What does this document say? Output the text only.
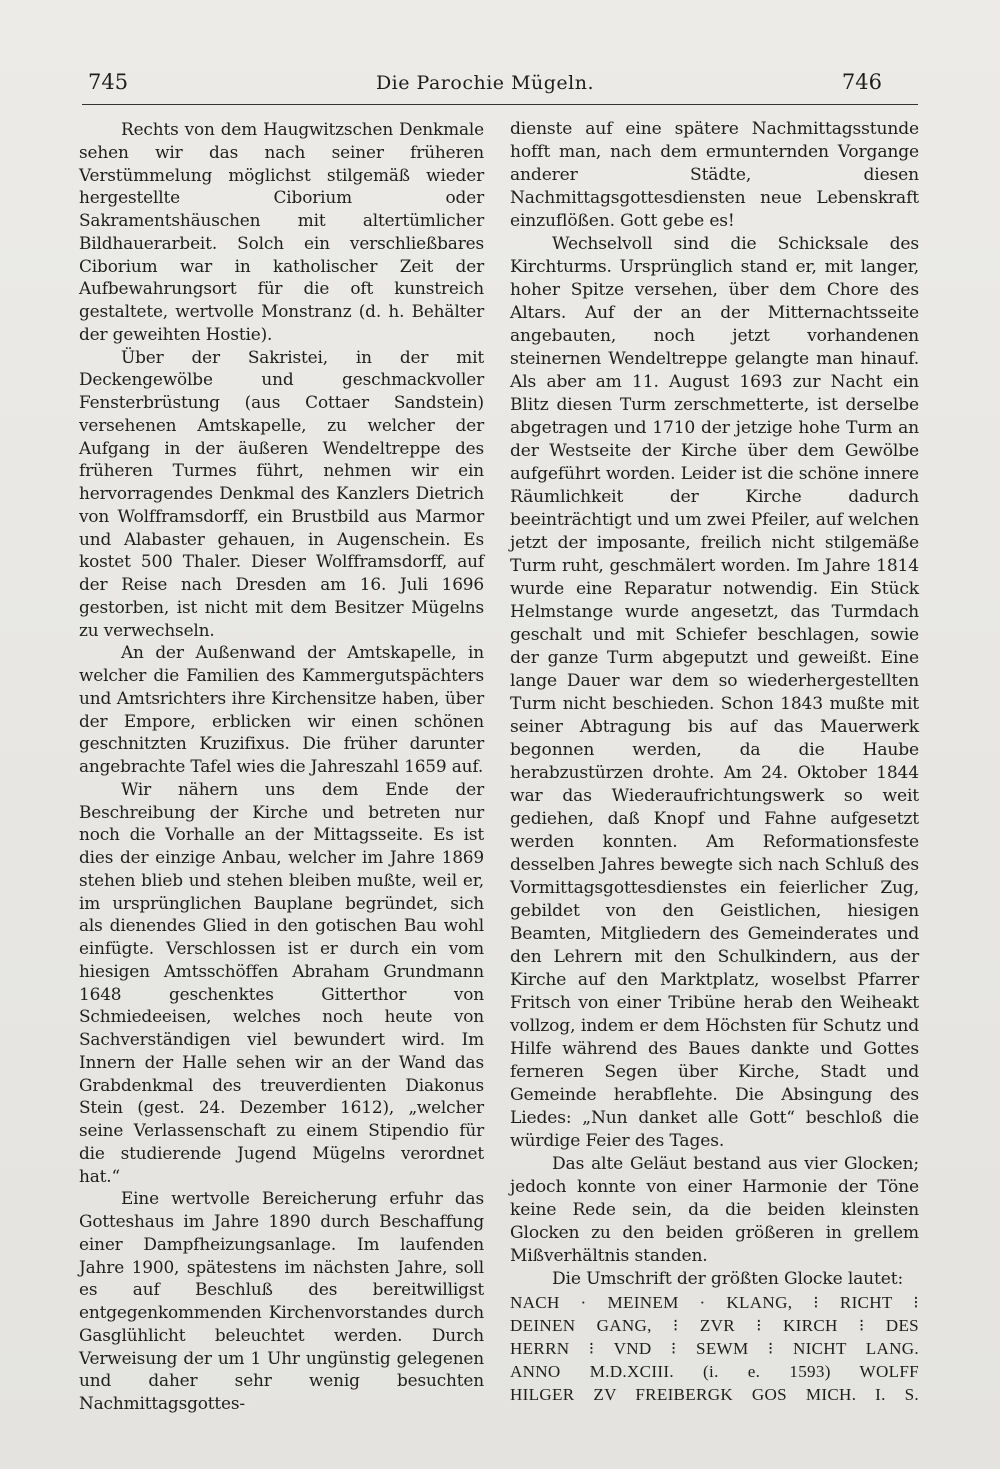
745	Die Parochie Mügeln.	746

Rechts von dem Haugwitzschen Denkmale sehen wir das nach seiner früheren Verstümmelung möglichst stilgemäß wieder hergestellte Ciborium oder Sakramentshäuschen mit altertümlicher Bildhauerarbeit. Solch ein verschließbares Ciborium war in katholischer Zeit der Aufbewahrungsort für die oft kunstreich gestaltete, wertvolle Monstranz (d. h. Behälter der geweihten Hostie).

Über der Sakristei, in der mit Deckengewölbe und geschmackvoller Fensterbrüstung (aus Cottaer Sandstein) versehenen Amtskapelle, zu welcher der Aufgang in der äußeren Wendeltreppe des früheren Turmes führt, nehmen wir ein hervorragendes Denkmal des Kanzlers Dietrich von Wolfframsdorff, ein Brustbild aus Marmor und Alabaster gehauen, in Augenschein. Es kostet 500 Thaler. Dieser Wolfframsdorff, auf der Reise nach Dresden am 16. Juli 1696 gestorben, ist nicht mit dem Besitzer Mügelns zu verwechseln.

An der Außenwand der Amtskapelle, in welcher die Familien des Kammergutspächters und Amtsrichters ihre Kirchensitze haben, über der Empore, erblicken wir einen schönen geschnitzten Kruzifixus. Die früher darunter angebrachte Tafel wies die Jahreszahl 1659 auf.

Wir nähern uns dem Ende der Beschreibung der Kirche und betreten nur noch die Vorhalle an der Mittagsseite. Es ist dies der einzige Anbau, welcher im Jahre 1869 stehen blieb und stehen bleiben mußte, weil er, im ursprünglichen Bauplane begründet, sich als dienendes Glied in den gotischen Bau wohl einfügte. Verschlossen ist er durch ein vom hiesigen Amtsschöffen Abraham Grundmann 1648 geschenktes Gitterthor von Schmiedeeisen, welches noch heute von Sachverständigen viel bewundert wird. Im Innern der Halle sehen wir an der Wand das Grabdenkmal des treuverdienten Diakonus Stein (gest. 24. Dezember 1612), „welcher seine Verlassenschaft zu einem Stipendio für die studierende Jugend Mügelns verordnet hat.“

Eine wertvolle Bereicherung erfuhr das Gotteshaus im Jahre 1890 durch Beschaffung einer Dampfheizungsanlage. Im laufenden Jahre 1900, spätestens im nächsten Jahre, soll es auf Beschluß des bereitwilligst entgegenkommenden Kirchenvorstandes durch Gasglühlicht beleuchtet werden. Durch Verweisung der um 1 Uhr ungünstig gelegenen und daher sehr wenig besuchten Nachmittagsgottes-

dienste auf eine spätere Nachmittagsstunde hofft man, nach dem ermunternden Vorgange anderer Städte, diesen Nachmittagsgottesdiensten neue Lebenskraft einzuflößen. Gott gebe es!

Wechselvoll sind die Schicksale des Kirchturms. Ursprünglich stand er, mit langer, hoher Spitze versehen, über dem Chore des Altars. Auf der an der Mitternachtsseite angebauten, noch jetzt vorhandenen steinernen Wendeltreppe gelangte man hinauf. Als aber am 11. August 1693 zur Nacht ein Blitz diesen Turm zerschmetterte, ist derselbe abgetragen und 1710 der jetzige hohe Turm an der Westseite der Kirche über dem Gewölbe aufgeführt worden. Leider ist die schöne innere Räumlichkeit der Kirche dadurch beeinträchtigt und um zwei Pfeiler, auf welchen jetzt der imposante, freilich nicht stilgemäße Turm ruht, geschmälert worden. Im Jahre 1814 wurde eine Reparatur notwendig. Ein Stück Helmstange wurde angesetzt, das Turmdach geschalt und mit Schiefer beschlagen, sowie der ganze Turm abgeputzt und geweißt. Eine lange Dauer war dem so wiederhergestellten Turm nicht beschieden. Schon 1843 mußte mit seiner Abtragung bis auf das Mauerwerk begonnen werden, da die Haube herabzustürzen drohte. Am 24. Oktober 1844 war das Wiederaufrichtungswerk so weit gediehen, daß Knopf und Fahne aufgesetzt werden konnten. Am Reformationsfeste desselben Jahres bewegte sich nach Schluß des Vormittagsgottesdienstes ein feierlicher Zug, gebildet von den Geistlichen, hiesigen Beamten, Mitgliedern des Gemeinderates und den Lehrern mit den Schulkindern, aus der Kirche auf den Marktplatz, woselbst Pfarrer Fritsch von einer Tribüne herab den Weiheakt vollzog, indem er dem Höchsten für Schutz und Hilfe während des Baues dankte und Gottes ferneren Segen über Kirche, Stadt und Gemeinde herabflehte. Die Absingung des Liedes: „Nun danket alle Gott“ beschloß die würdige Feier des Tages.

Das alte Geläut bestand aus vier Glocken; jedoch konnte von einer Harmonie der Töne keine Rede sein, da die beiden kleinsten Glocken zu den beiden größeren in grellem Mißverhältnis standen.

Die Umschrift der größten Glocke lautet:

NACH · MEINEM · KLANG, ⁝ RICHT ⁝

DEINEN GANG, ⁝ ZVR ⁝ KIRCH ⁝ DES

HERRN ⁝ VND ⁝ SEWM ⁝ NICHT LANG.

ANNO M.D.XCIII. (i. e. 1593) WOLFF

HILGER ZV FREIBERGK GOS MICH. I. S.
